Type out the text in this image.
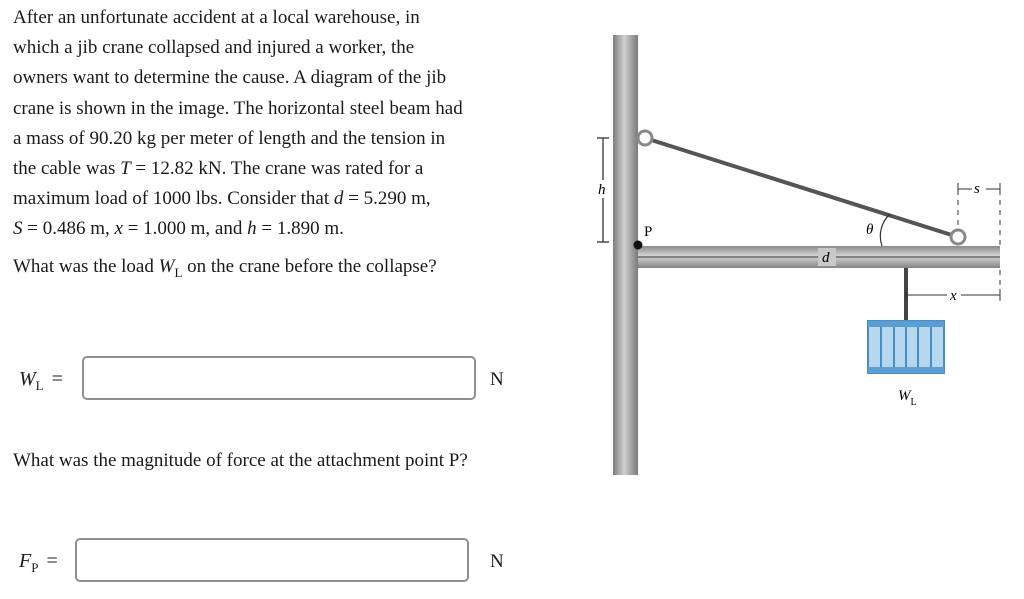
After an unfortunate accident at a local warehouse, in

which a jib crane collapsed and injured a worker, the

owners want to determine the cause. A diagram of the jib

crane is shown in the image. The horizontal steel beam had

a mass of 90.20 kg per meter of length and the tension in

the cable was T = 12.82 kN. The crane was rated for a

maximum load of 1000 lbs. Consider that d = 5.290 m,

S = 0.486 m, x = 1.000 m, and h = 1.890 m.

What was the load $W_L$ on the crane before the collapse?
$W_L$ =	N
What was the magnitude of force at the attachment point P?
$F_P$ =	N
P
h
d
θ
s
x
$W_L$
